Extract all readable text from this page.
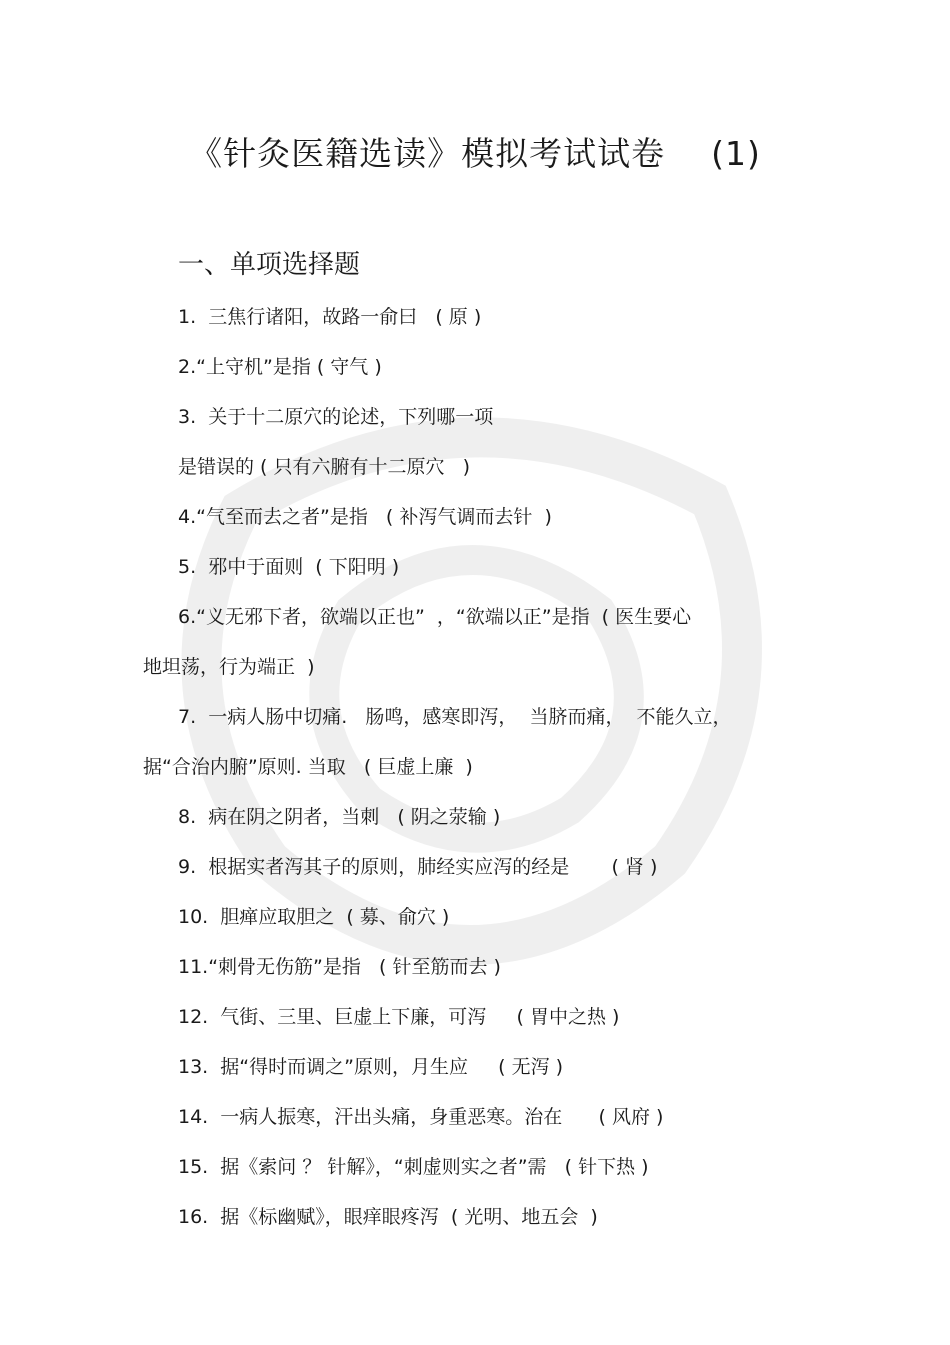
《针灸医籍选读》模拟考试试卷    (1)
一、单项选择题
1.  三焦行诸阳，故路一俞曰   ( 原 )
2.“上守机”是指 ( 守气 )
3.  关于十二原穴的论述，下列哪一项
是错误的 ( 只有六腑有十二原穴   )
4.“气至而去之者”是指   ( 补泻气调而去针  )
5.  邪中于面则  ( 下阳明 )
6.“义无邪下者，欲端以正也”  ，“欲端以正”是指  ( 医生要心
地坦荡，行为端正  )
7.  一病人肠中切痛.   肠鸣，感寒即泻，  当脐而痛，  不能久立，
据“合治内腑”原则. 当取   ( 巨虚上廉  )
8.  病在阴之阴者，当刺   ( 阴之荥输 )
9.  根据实者泻其子的原则，肺经实应泻的经是       ( 肾 )
10.  胆瘅应取胆之  ( 募、俞穴 )
11.“刺骨无伤筋”是指   ( 针至筋而去 )
12.  气街、三里、巨虚上下廉，可泻     ( 胃中之热 )
13.  据“得时而调之”原则，月生应     ( 无泻 )
14.  一病人振寒，汗出头痛，身重恶寒。治在      ( 风府 )
15.  据《索问 ？ 针解》，“刺虚则实之者”需   ( 针下热 )
16.  据《标幽赋》，眼痒眼疼泻  ( 光明、地五会  )
